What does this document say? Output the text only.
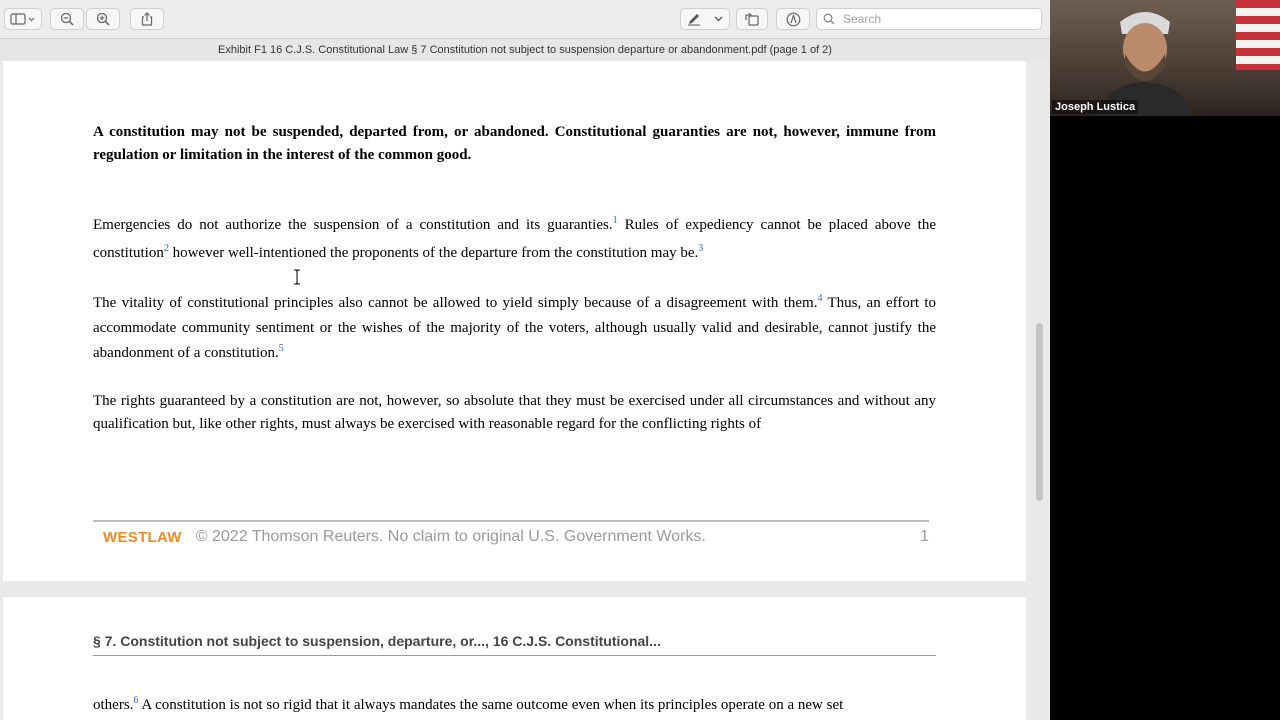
Search
Exhibit F1 16 C.J.S. Constitutional Law § 7 Constitution not subject to suspension departure or abandonment.pdf (page 1 of 2)
A constitution may not be suspended, departed from, or abandoned. Constitutional guaranties are not, however, immune from regulation or limitation in the interest of the common good.
Emergencies do not authorize the suspension of a constitution and its guaranties.$^1$ Rules of expediency cannot be placed above the constitution$^2$ however well-intentioned the proponents of the departure from the constitution may be.$^3$
The vitality of constitutional principles also cannot be allowed to yield simply because of a disagreement with them.$^4$ Thus, an effort to accommodate community sentiment or the wishes of the majority of the voters, although usually valid and desirable, cannot justify the abandonment of a constitution.$^5$
The rights guaranteed by a constitution are not, however, so absolute that they must be exercised under all circumstances and without any qualification but, like other rights, must always be exercised with reasonable regard for the conflicting rights of
WESTLAW © 2022 Thomson Reuters. No claim to original U.S. Government Works.	1
§ 7. Constitution not subject to suspension, departure, or..., 16 C.J.S. Constitutional...
others.$^6$ A constitution is not so rigid that it always mandates the same outcome even when its principles operate on a new set
Joseph Lustica
